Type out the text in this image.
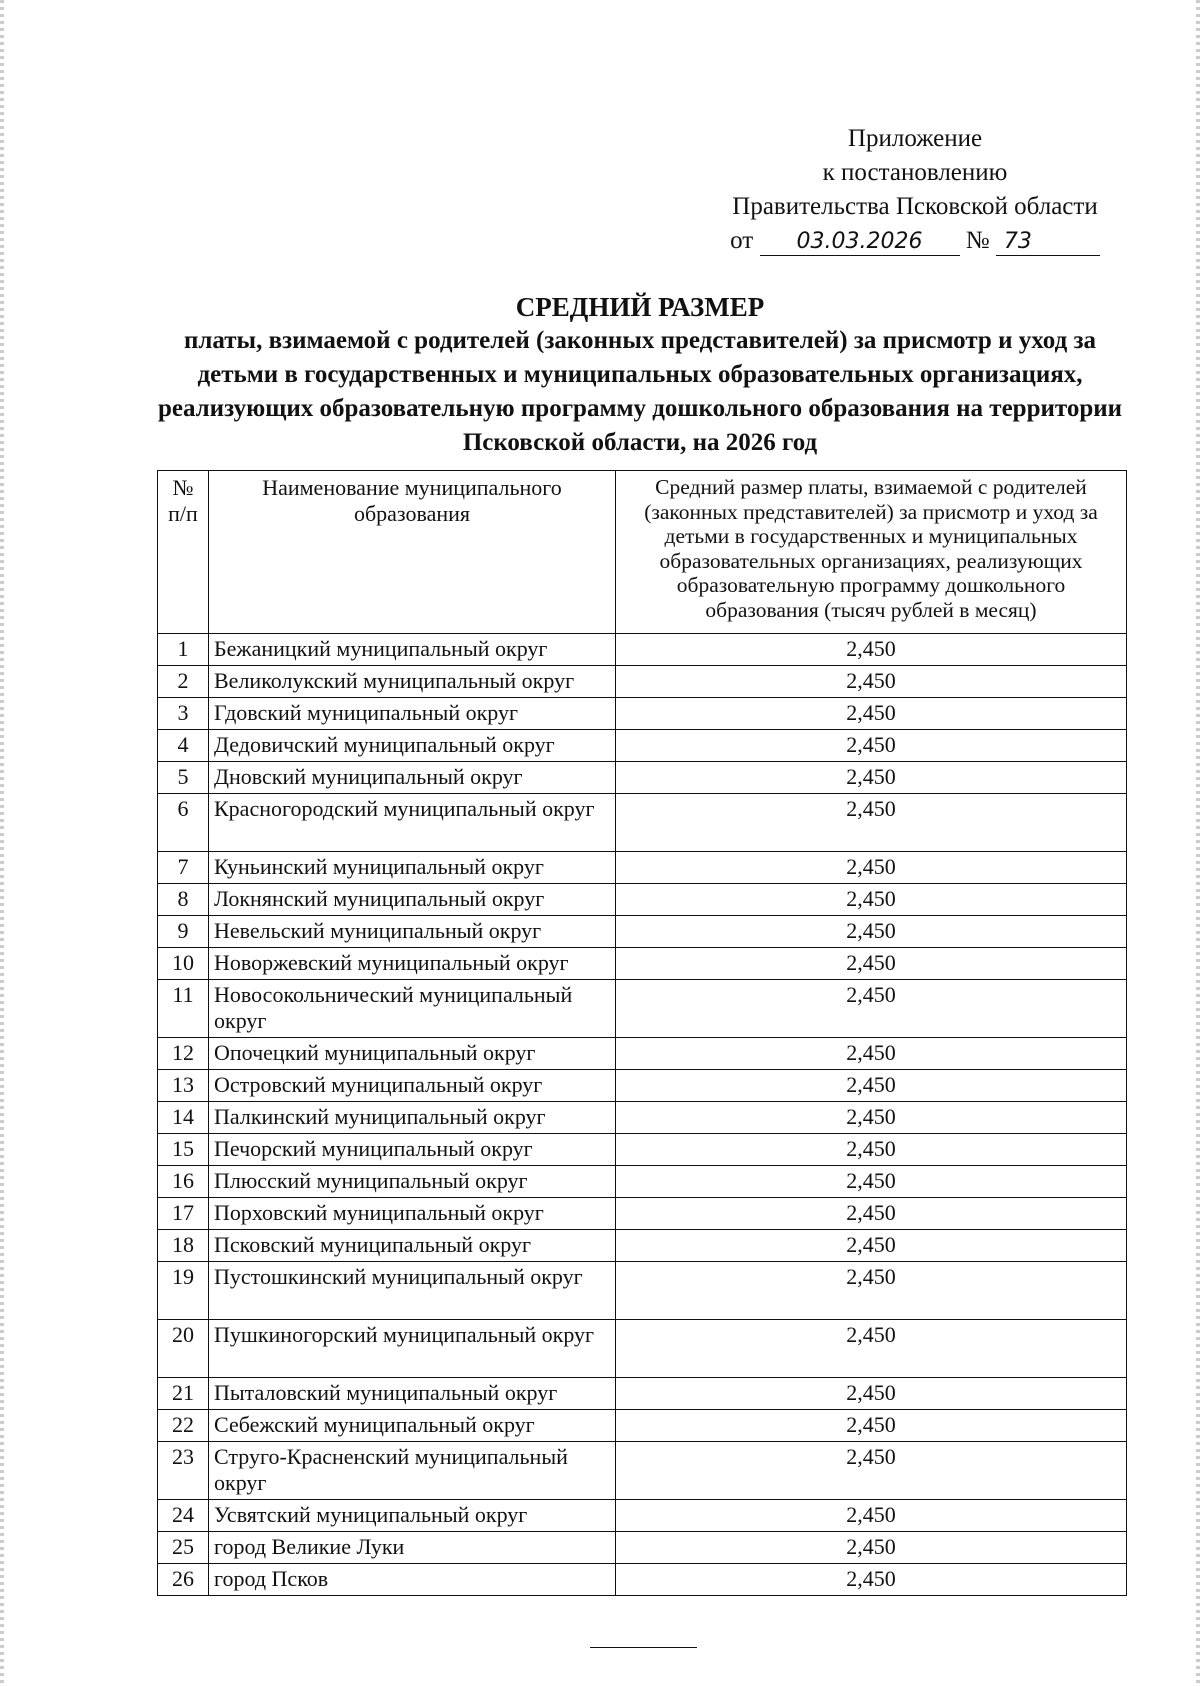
Приложение
к постановлению
Правительства Псковской области
от 03.03.2026 № 73
СРЕДНИЙ РАЗМЕР
платы, взимаемой с родителей (законных представителей) за присмотр и уход за детьми в государственных и муниципальных образовательных организациях, реализующих образовательную программу дошкольного образования на территории Псковской области, на 2026 год
№ п/п	Наименование муниципального образования	Средний размер платы, взимаемой с родителей (законных представителей) за присмотр и уход за детьми в государственных и муниципальных образовательных организациях, реализующих образовательную программу дошкольного образования (тысяч рублей в месяц)
1	Бежаницкий муниципальный округ	2,450
2	Великолукский муниципальный округ	2,450
3	Гдовский муниципальный округ	2,450
4	Дедовичский муниципальный округ	2,450
5	Дновский муниципальный округ	2,450
6	Красногородский муниципальный округ	2,450
7	Куньинский муниципальный округ	2,450
8	Локнянский муниципальный округ	2,450
9	Невельский муниципальный округ	2,450
10	Новоржевский муниципальный округ	2,450
11	Новосокольнический муниципальный округ	2,450
12	Опочецкий муниципальный округ	2,450
13	Островский муниципальный округ	2,450
14	Палкинский муниципальный округ	2,450
15	Печорский муниципальный округ	2,450
16	Плюсский муниципальный округ	2,450
17	Порховский муниципальный округ	2,450
18	Псковский муниципальный округ	2,450
19	Пустошкинский муниципальный округ	2,450
20	Пушкиногорский муниципальный округ	2,450
21	Пыталовский муниципальный округ	2,450
22	Себежский муниципальный округ	2,450
23	Струго-Красненский муниципальный округ	2,450
24	Усвятский муниципальный округ	2,450
25	город Великие Луки	2,450
26	город Псков	2,450
